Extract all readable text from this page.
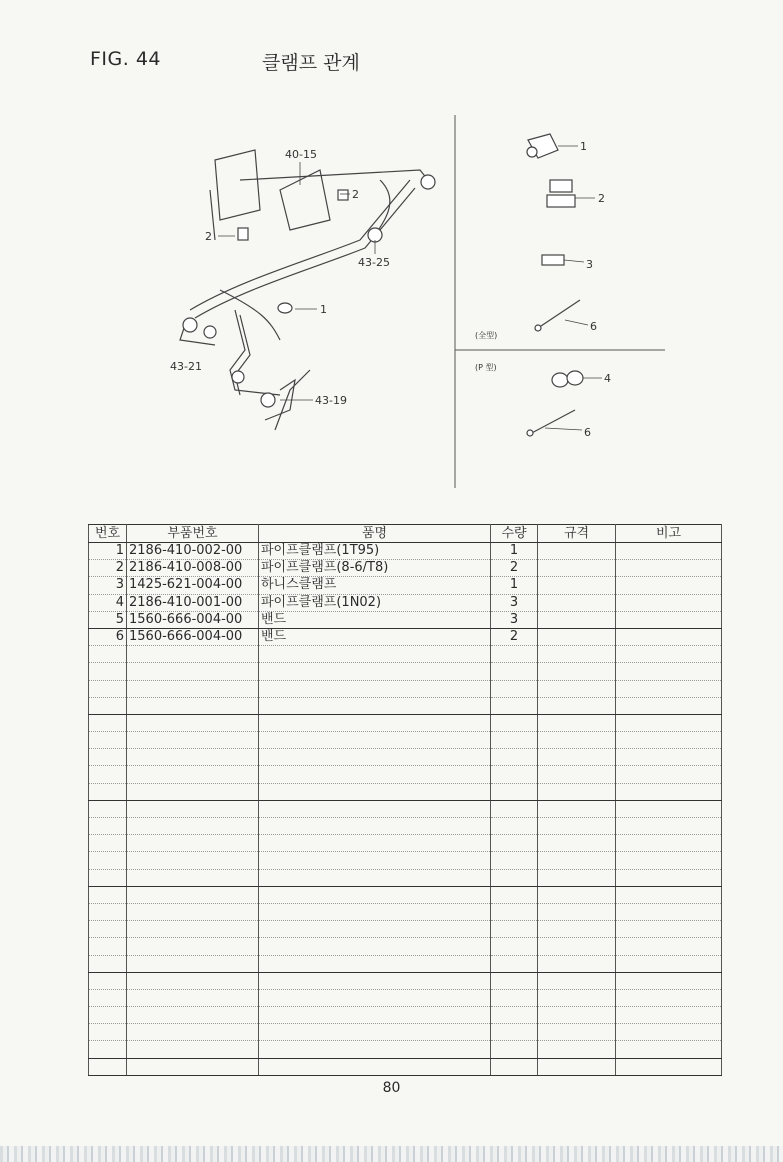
FIG. 44	클램프 관계
40-15
2
2
43-25
1
43-21
43-19
1
2
3
6
4
6
(全型)
(P 型)
번호	부품번호	품명	수량	규격	비고
1	2186-410-002-00	파이프클램프(1T95)	1		
2	2186-410-008-00	파이프클램프(8-6/T8)	2		
3	1425-621-004-00	하니스클램프	1		
4	2186-410-001-00	파이프클램프(1N02)	3		
5	1560-666-004-00	밴드	3		
6	1560-666-004-00	밴드	2		

80
